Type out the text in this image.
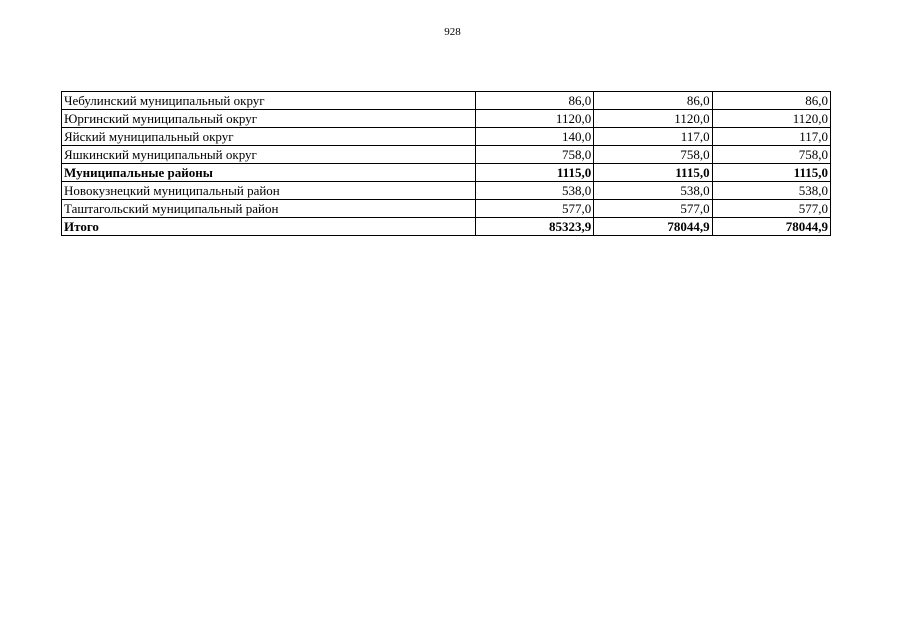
928
Чебулинский муниципальный округ	86,0	86,0	86,0
Юргинский муниципальный округ	1120,0	1120,0	1120,0
Яйский муниципальный округ	140,0	117,0	117,0
Яшкинский муниципальный округ	758,0	758,0	758,0
Муниципальные районы	1115,0	1115,0	1115,0
Новокузнецкий муниципальный район	538,0	538,0	538,0
Таштагольский муниципальный район	577,0	577,0	577,0
Итого	85323,9	78044,9	78044,9
